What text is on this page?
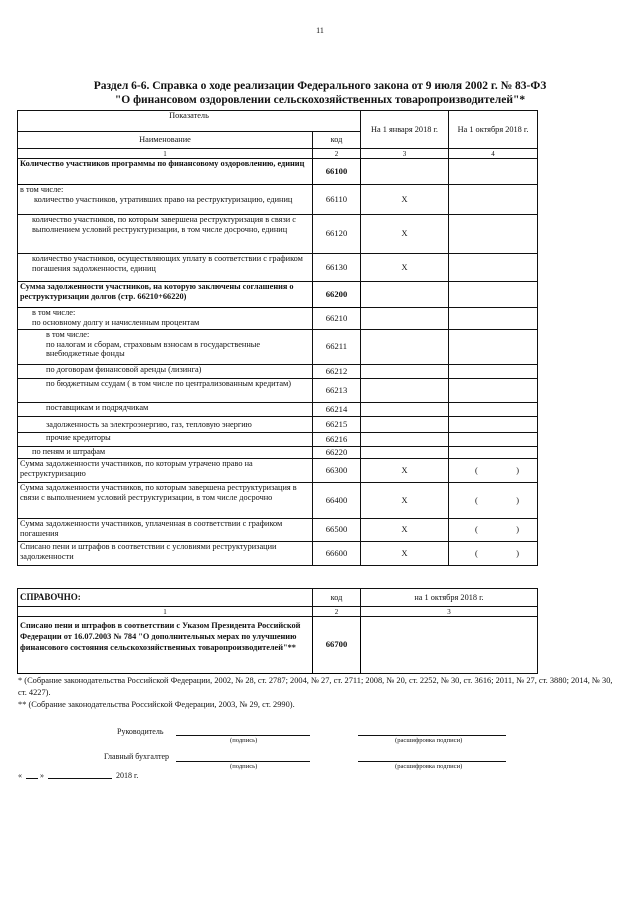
11
Раздел 6-6. Справка о ходе реализации Федерального закона от 9 июля 2002 г. № 83-ФЗ
"О финансовом оздоровлении сельскохозяйственных товаропроизводителей"*
Показатель		На 1 января 2018 г.	На 1 октября 2018 г.
Наименование	код		
1	2	3	4
Количество участников программы по финансовому оздоровлению, единиц	66100		

в том числе:
количество участников, утративших право на реструктуризацию, единиц	66110	Х	
количество участников, по которым завершена реструктуризация в связи с выполнением условий реструктуризации, в том числе досрочно, единиц	66120	Х	
количество участников, осуществляющих уплату в соответствии с графиком погашения задолженности, единиц	66130	Х	
Сумма задолженности участников, на которую заключены соглашения о реструктуризации долгов (стр. 66210+66220)	66200		

в том числе:
по основному долгу и начисленным процентам	66210		

в том числе:
по налогам и сборам, страховым взносам в государственные внебюджетные фонды	66211		
по договорам финансовой аренды (лизинга)	66212		
по бюджетным ссудам ( в том числе по централизованным кредитам)	66213		
поставщикам и подрядчикам	66214		
задолженность за электроэнергию, газ, тепловую энергию	66215		
прочие кредиторы	66216		
по пеням и штрафам	66220		
Сумма задолженности участников, по которым утрачено право на реструктуризацию	66300	Х	( )

Сумма задолженности участников, по которым завершена реструктуризация в связи с выполнением условий реструктуризации, в том числе досрочно	66400	Х	( )

Сумма задолженности участников, уплаченная в соответствии с графиком погашения	66500	Х	( )

Списано пени и штрафов в соответствии с условиями реструктуризации задолженности	66600	Х	( )
СПРАВОЧНО:	код	на 1 октября 2018 г.
1	2	3
Списано пени и штрафов в соответствии с Указом Президента Российской Федерации от 16.07.2003 № 784 "О дополнительных мерах по улучшению финансового состояния сельскохозяйственных товаропроизводителей"**	66700	
* (Собрание законодательства Российской Федерации, 2002, № 28, ст. 2787; 2004, № 27, ст. 2711; 2008, № 20, ст. 2252, № 30, ст. 3616; 2011, № 27, ст. 3880; 2014, № 30, ст. 4227).
** (Собрание законодательства Российской Федерации, 2003, № 29, ст. 2990).
Руководитель
(подпись)	(расшифровка подписи)
Главный бухгалтер
(подпись)	(расшифровка подписи)
« »	2018 г.
